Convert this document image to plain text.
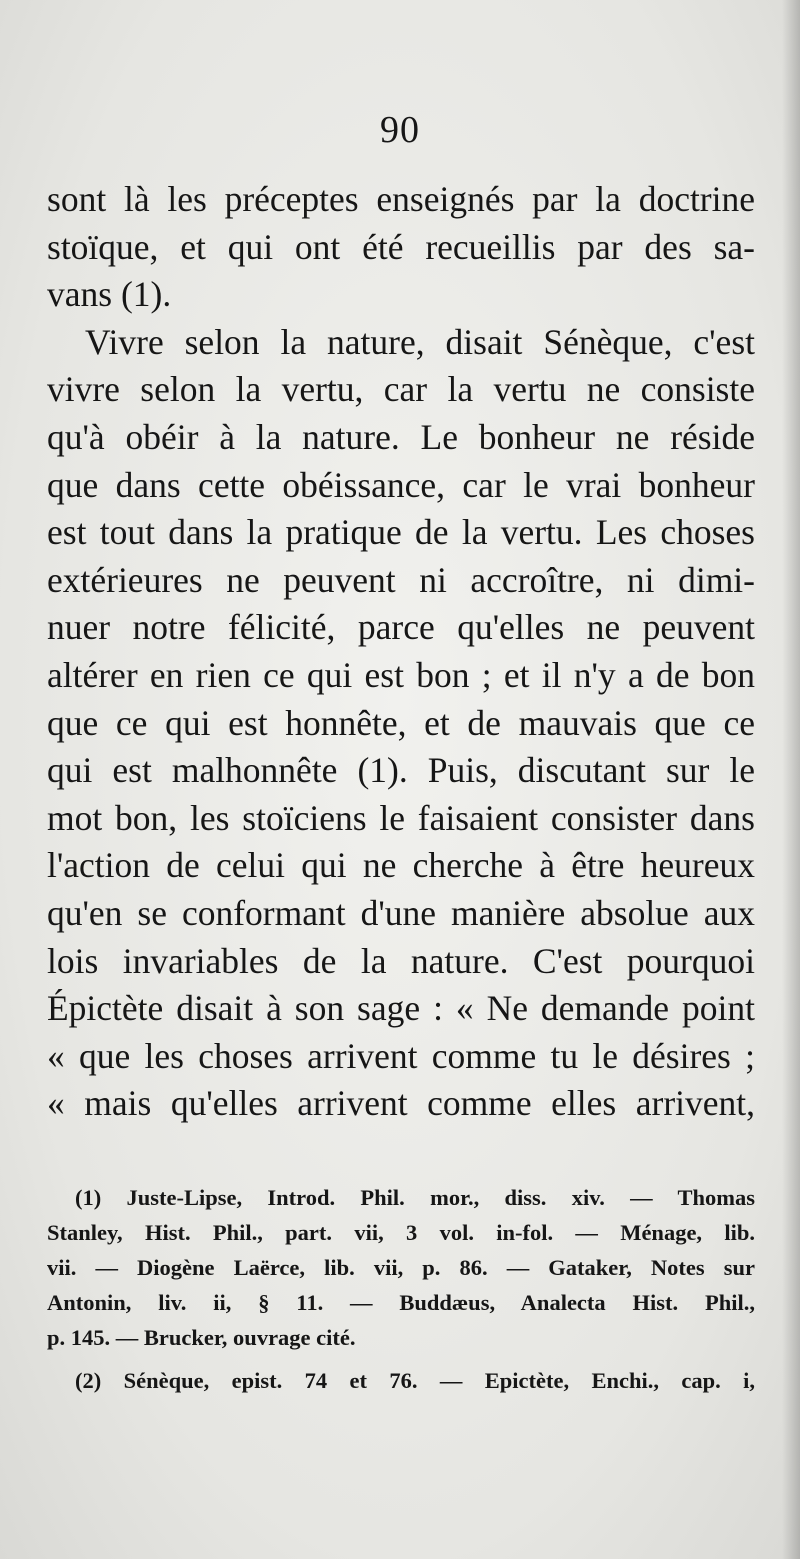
90
sont là les préceptes enseignés par la doctrine
stoïque, et qui ont été recueillis par des sa-
vans (1).
Vivre selon la nature, disait Sénèque, c'est
vivre selon la vertu, car la vertu ne consiste
qu'à obéir à la nature. Le bonheur ne réside
que dans cette obéissance, car le vrai bonheur
est tout dans la pratique de la vertu. Les choses
extérieures ne peuvent ni accroître, ni dimi-
nuer notre félicité, parce qu'elles ne peuvent
altérer en rien ce qui est bon ; et il n'y a de bon
que ce qui est honnête, et de mauvais que ce
qui est malhonnête (1). Puis, discutant sur le
mot bon, les stoïciens le faisaient consister dans
l'action de celui qui ne cherche à être heureux
qu'en se conformant d'une manière absolue aux
lois invariables de la nature. C'est pourquoi
Épictète disait à son sage : « Ne demande point
« que les choses arrivent comme tu le désires ;
« mais qu'elles arrivent comme elles arrivent,
(1) Juste-Lipse, Introd. Phil. mor., diss. xiv. — Thomas
Stanley, Hist. Phil., part. vii, 3 vol. in-fol. — Ménage, lib.
vii. — Diogène Laërce, lib. vii, p. 86. — Gataker, Notes sur
Antonin, liv. ii, § 11. — Buddæus, Analecta Hist. Phil.,
p. 145. — Brucker, ouvrage cité.
(2) Sénèque, epist. 74 et 76. — Epictète, Enchi., cap. i,
